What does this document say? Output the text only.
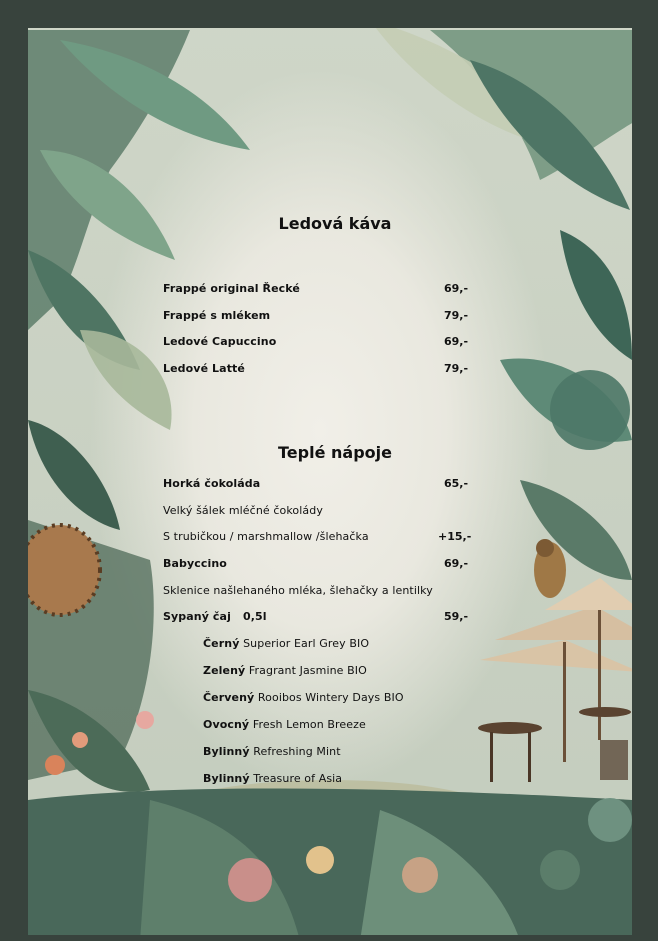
Ledová káva
Frappé original Řecké	69,-
Frappé s mlékem	79,-
Ledové Capuccino	69,-
Ledové Latté	79,-
Teplé nápoje
Horká čokoláda	65,-
Velký šálek mléčné čokolády
S trubičkou / marshmallow /šlehačka	+15,-
Babyccino	69,-
Sklenice našlehaného mléka, šlehačky a lentilky
Sypaný čaj 0,5l	59,-
Černý Superior Earl Grey BIO
Zelený Fragrant Jasmine BIO
Červený Rooibos Wintery Days BIO
Ovocný Fresh Lemon Breeze
Bylinný Refreshing Mint
Bylinný Treasure of Asia
